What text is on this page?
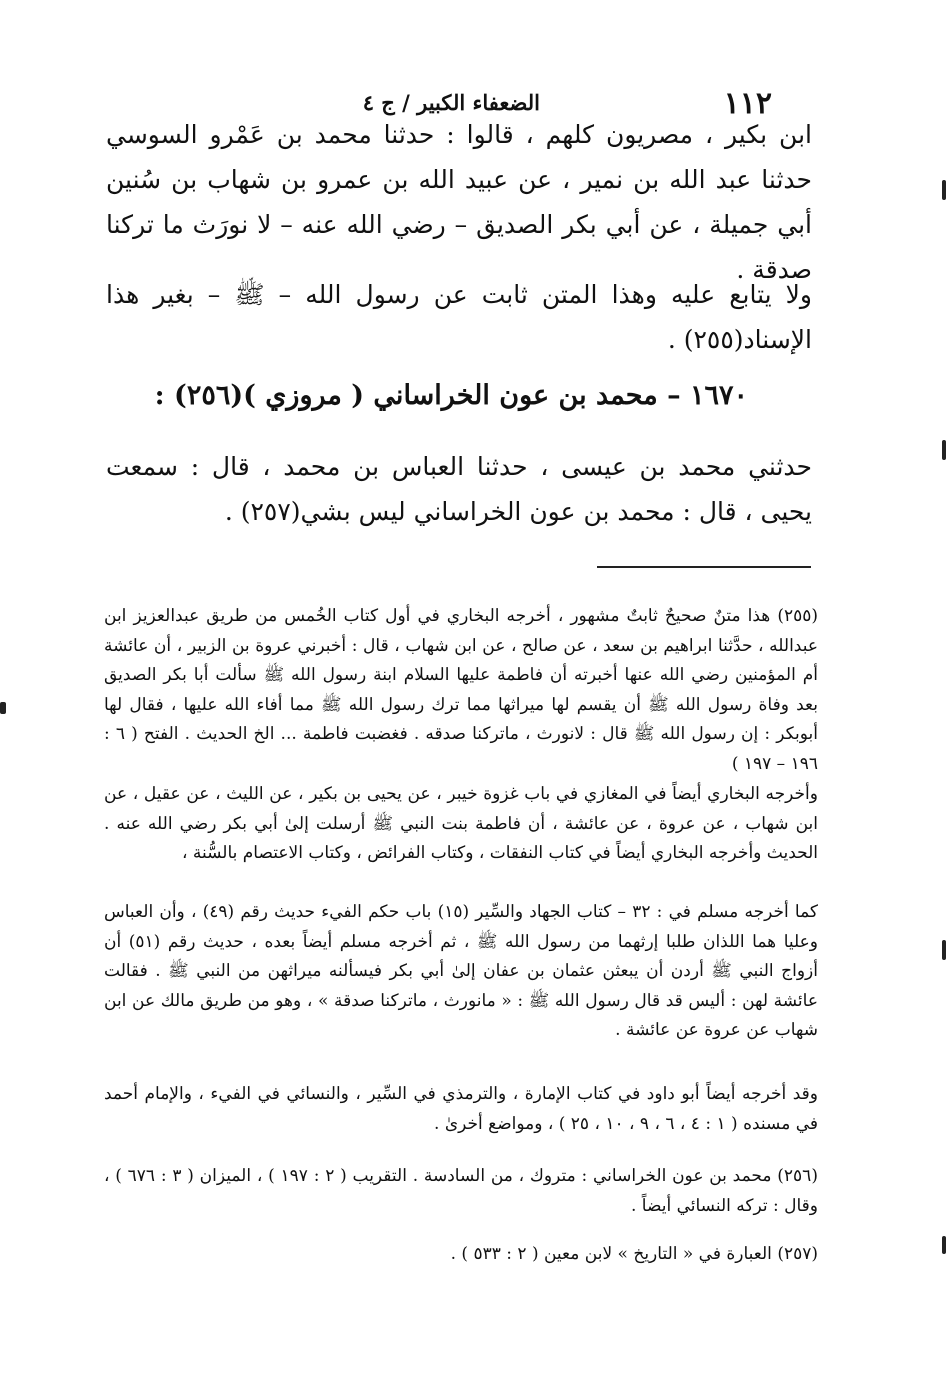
١١٢
الضعفاء الكبير / ج ٤

ابن بكير ، مصريون كلهم ، قالوا : حدثنا محمد بن عَمْرو السوسي حدثنا عبد الله بن نمير ، عن عبيد الله بن عمرو بن شهاب بن سُنين أبي جميلة ، عن أبي بكر الصديق – رضي الله عنه – لا نورَث ما تركنا صدقة .

ولا يتابع عليه وهذا المتن ثابت عن رسول الله – ﷺ – بغير هذا الإسناد(٢٥٥) .

١٦٧٠ – محمد بن عون الخراساني ( مروزي )(٢٥٦) :

حدثني محمد بن عيسى ، حدثنا العباس بن محمد ، قال : سمعت يحيى ، قال : محمد بن عون الخراساني ليس بشي(٢٥٧) .

(٢٥٥) هذا متنٌ صحيحٌ ثابتٌ مشهور ، أخرجه البخاري في أول كتاب الخُمس من طريق عبدالعزيز ابن عبدالله ، حدَّثنا ابراهيم بن سعد ، عن صالح ، عن ابن شهاب ، قال : أخبرني عروة بن الزبير ، أن عائشة أم المؤمنين رضي الله عنها أخبرته أن فاطمة عليها السلام ابنة رسول الله ﷺ سألت أبا بكر الصديق بعد وفاة رسول الله ﷺ أن يقسم لها ميراثها مما ترك رسول الله ﷺ مما أفاء الله عليها ، فقال لها أبوبكر : إن رسول الله ﷺ قال : لانورث ، ماتركنا صدقه . فغضبت فاطمة ... الخ الحديث . الفتح ( ٦ : ١٩٦ – ١٩٧ )

وأخرجه البخاري أيضاً في المغازي في باب غزوة خيبر ، عن يحيى بن بكير ، عن الليث ، عن عقيل ، عن ابن شهاب ، عن عروة ، عن عائشة ، أن فاطمة بنت النبي ﷺ أرسلت إلىٰ أبي بكر رضي الله عنه . الحديث وأخرجه البخاري أيضاً في كتاب النفقات ، وكتاب الفرائض ، وكتاب الاعتصام بالسُّنة ،

كما أخرجه مسلم في : ٣٢ – كتاب الجهاد والسِّير (١٥) باب حكم الفيء حديث رقم (٤٩) ، وأن العباس وعليا هما اللذان طلبا إرثهما من رسول الله ﷺ ، ثم أخرجه مسلم أيضاً بعده ، حديث رقم (٥١) أن أزواج النبي ﷺ أردن أن يبعثن عثمان بن عفان إلىٰ أبي بكر فيسألنه ميراثهن من النبي ﷺ . فقالت عائشة لهن : أليس قد قال رسول الله ﷺ : « مانورث ، ماتركنا صدقة » ، وهو من طريق مالك عن ابن شهاب عن عروة عن عائشة .

وقد أخرجه أيضاً أبو داود في كتاب الإمارة ، والترمذي في السِّير ، والنسائي في الفيء ، والإمام أحمد في مسنده ( ١ : ٤ ، ٦ ، ٩ ، ١٠ ، ٢٥ ) ، ومواضع أخرىٰ .

(٢٥٦) محمد بن عون الخراساني : متروك ، من السادسة . التقريب ( ٢ : ١٩٧ ) ، الميزان ( ٣ : ٦٧٦ ) ، وقال : تركه النسائي أيضاً .

(٢٥٧) العبارة في « التاريخ » لابن معين ( ٢ : ٥٣٣ ) .
